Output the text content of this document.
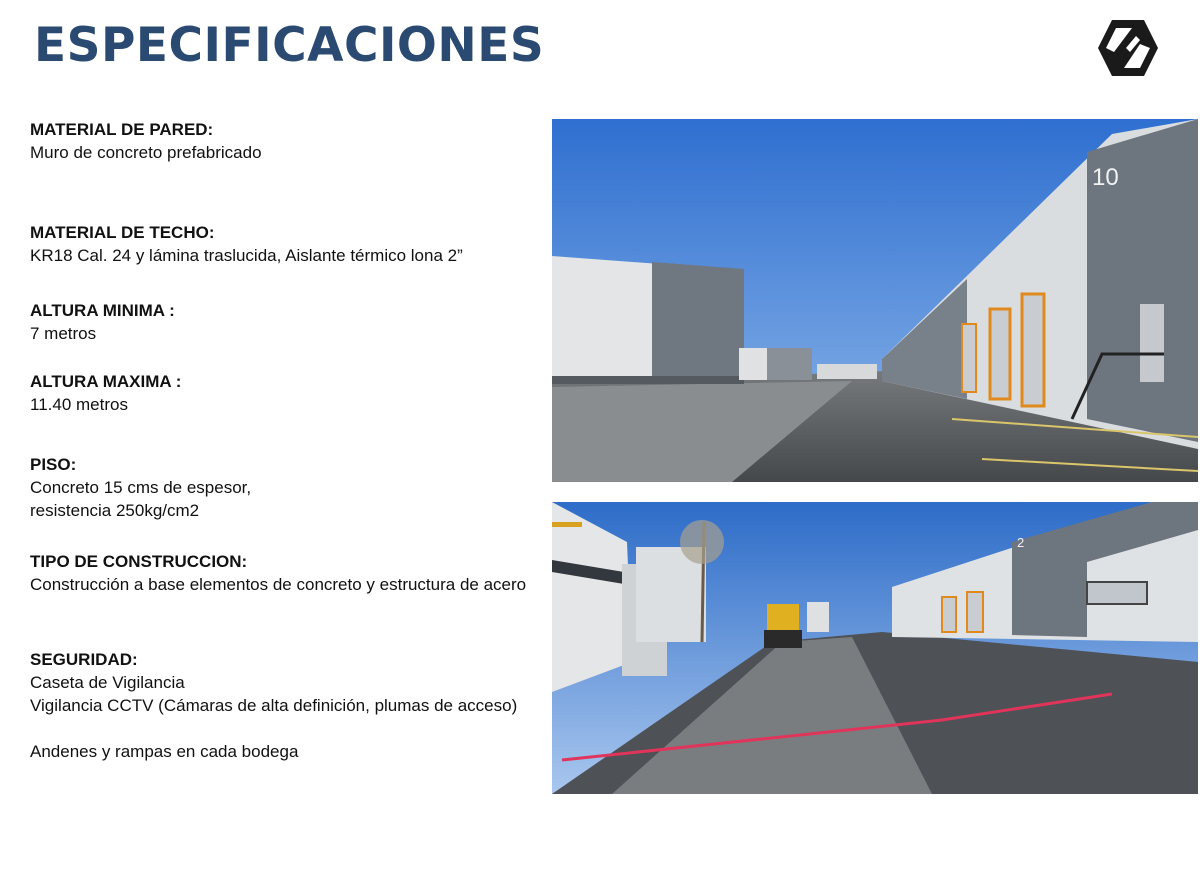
ESPECIFICACIONES
MATERIAL DE PARED:
Muro de concreto prefabricado
MATERIAL DE TECHO:
KR18 Cal. 24 y lámina traslucida, Aislante térmico lona 2”
ALTURA MINIMA :
7 metros
ALTURA MAXIMA :
11.40 metros
PISO:
Concreto 15 cms de espesor,
resistencia 250kg/cm2
TIPO DE CONSTRUCCION:
Construcción a base elementos de concreto y estructura de acero
SEGURIDAD:
Caseta de Vigilancia
Vigilancia CCTV (Cámaras de alta definición, plumas de acceso)
Andenes y rampas en cada bodega
10
2
